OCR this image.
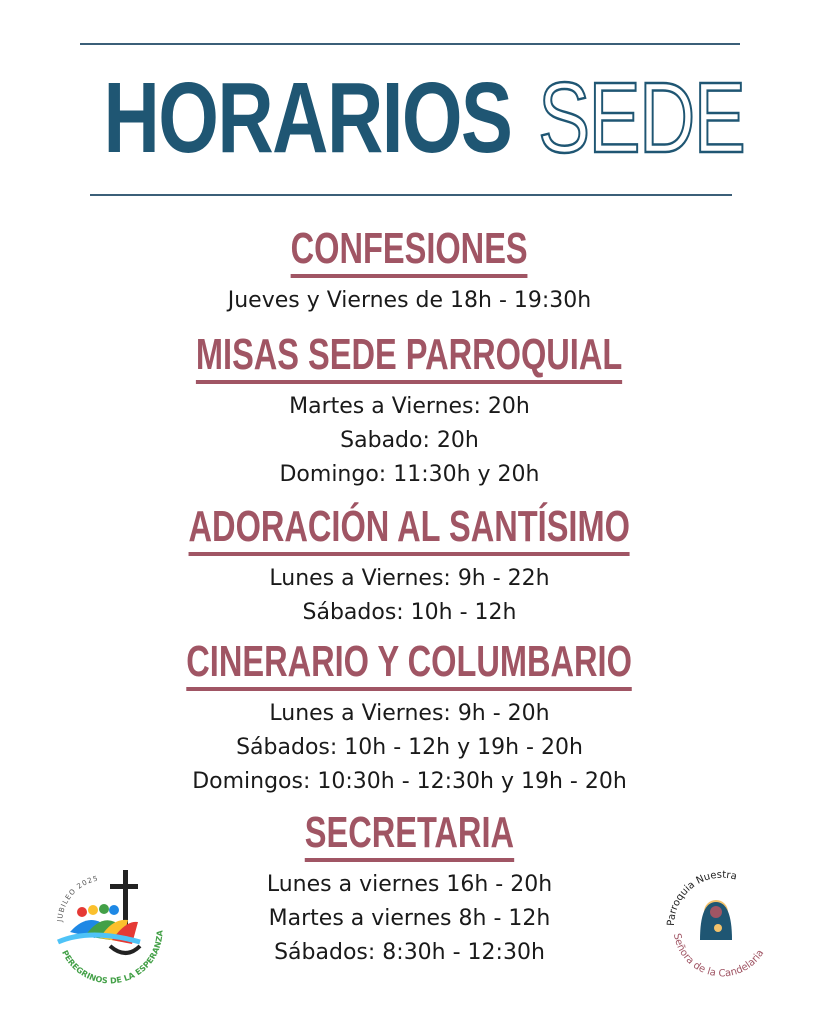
HORARIOS SEDE
CONFESIONES
Jueves y Viernes de 18h - 19:30h
MISAS SEDE PARROQUIAL
Martes a Viernes: 20h
Sabado: 20h
Domingo: 11:30h y 20h
ADORACIÓN AL SANTÍSIMO
Lunes a Viernes: 9h - 22h
Sábados: 10h - 12h
CINERARIO Y COLUMBARIO
Lunes a Viernes: 9h - 20h
Sábados: 10h - 12h y 19h - 20h
Domingos: 10:30h - 12:30h y 19h - 20h
SECRETARIA
Lunes a viernes 16h - 20h
Martes a viernes 8h - 12h
Sábados: 8:30h - 12:30h
JUBILEO 2025
PEREGRINOS DE LA ESPERANZA
Parroquia Nuestra
Señora de la Candelaria
